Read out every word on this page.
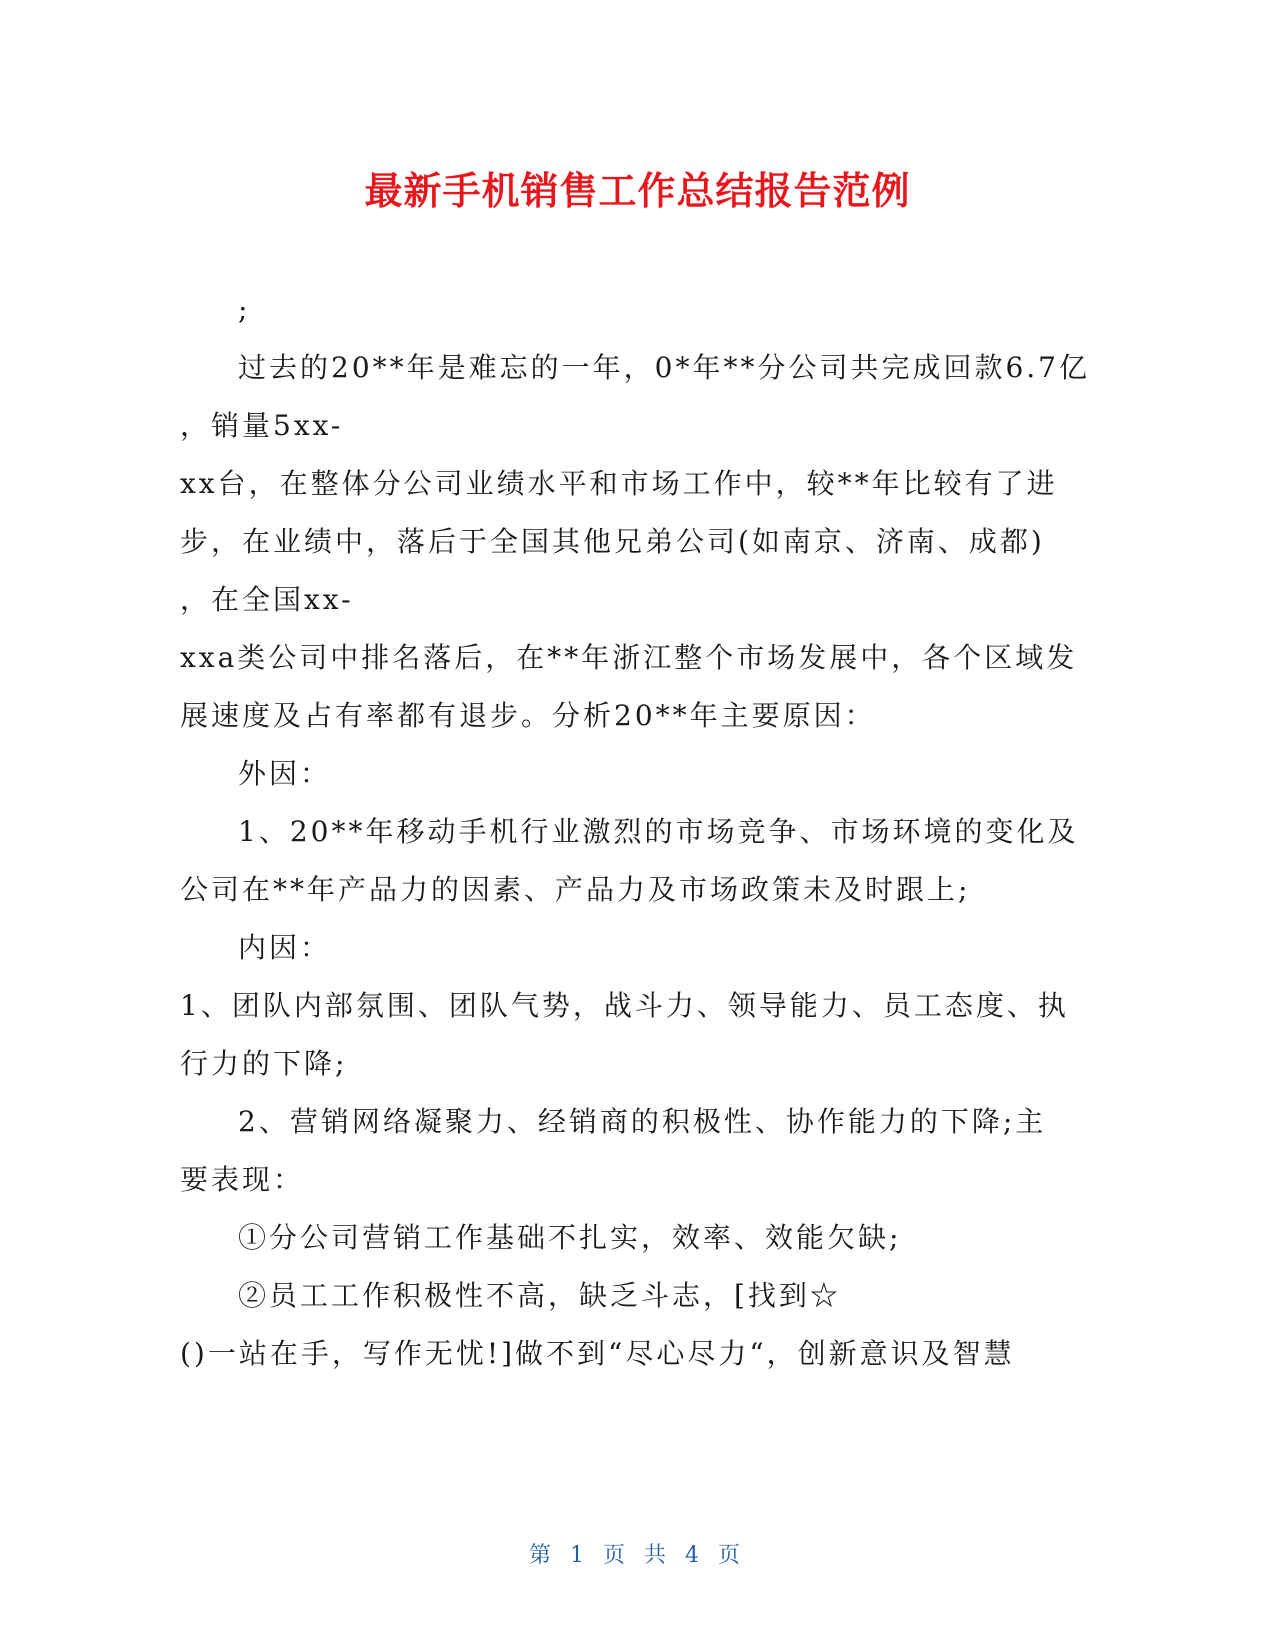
最新手机销售工作总结报告范例
;
过去的20**年是难忘的一年，0*年**分公司共完成回款6.7亿
，销量5xx-
xx台，在整体分公司业绩水平和市场工作中，较**年比较有了进
步，在业绩中，落后于全国其他兄弟公司(如南京、济南、成都)
，在全国xx-
xxa类公司中排名落后，在**年浙江整个市场发展中，各个区域发
展速度及占有率都有退步。分析20**年主要原因：
外因：
1、20**年移动手机行业激烈的市场竞争、市场环境的变化及
公司在**年产品力的因素、产品力及市场政策未及时跟上;
内因：
1、团队内部氛围、团队气势，战斗力、领导能力、员工态度、执
行力的下降;
2、营销网络凝聚力、经销商的积极性、协作能力的下降;主
要表现：
①分公司营销工作基础不扎实，效率、效能欠缺;
②员工工作积极性不高，缺乏斗志，[找到☆
()一站在手，写作无忧!]做不到“尽心尽力“，创新意识及智慧
第 1 页 共 4 页
